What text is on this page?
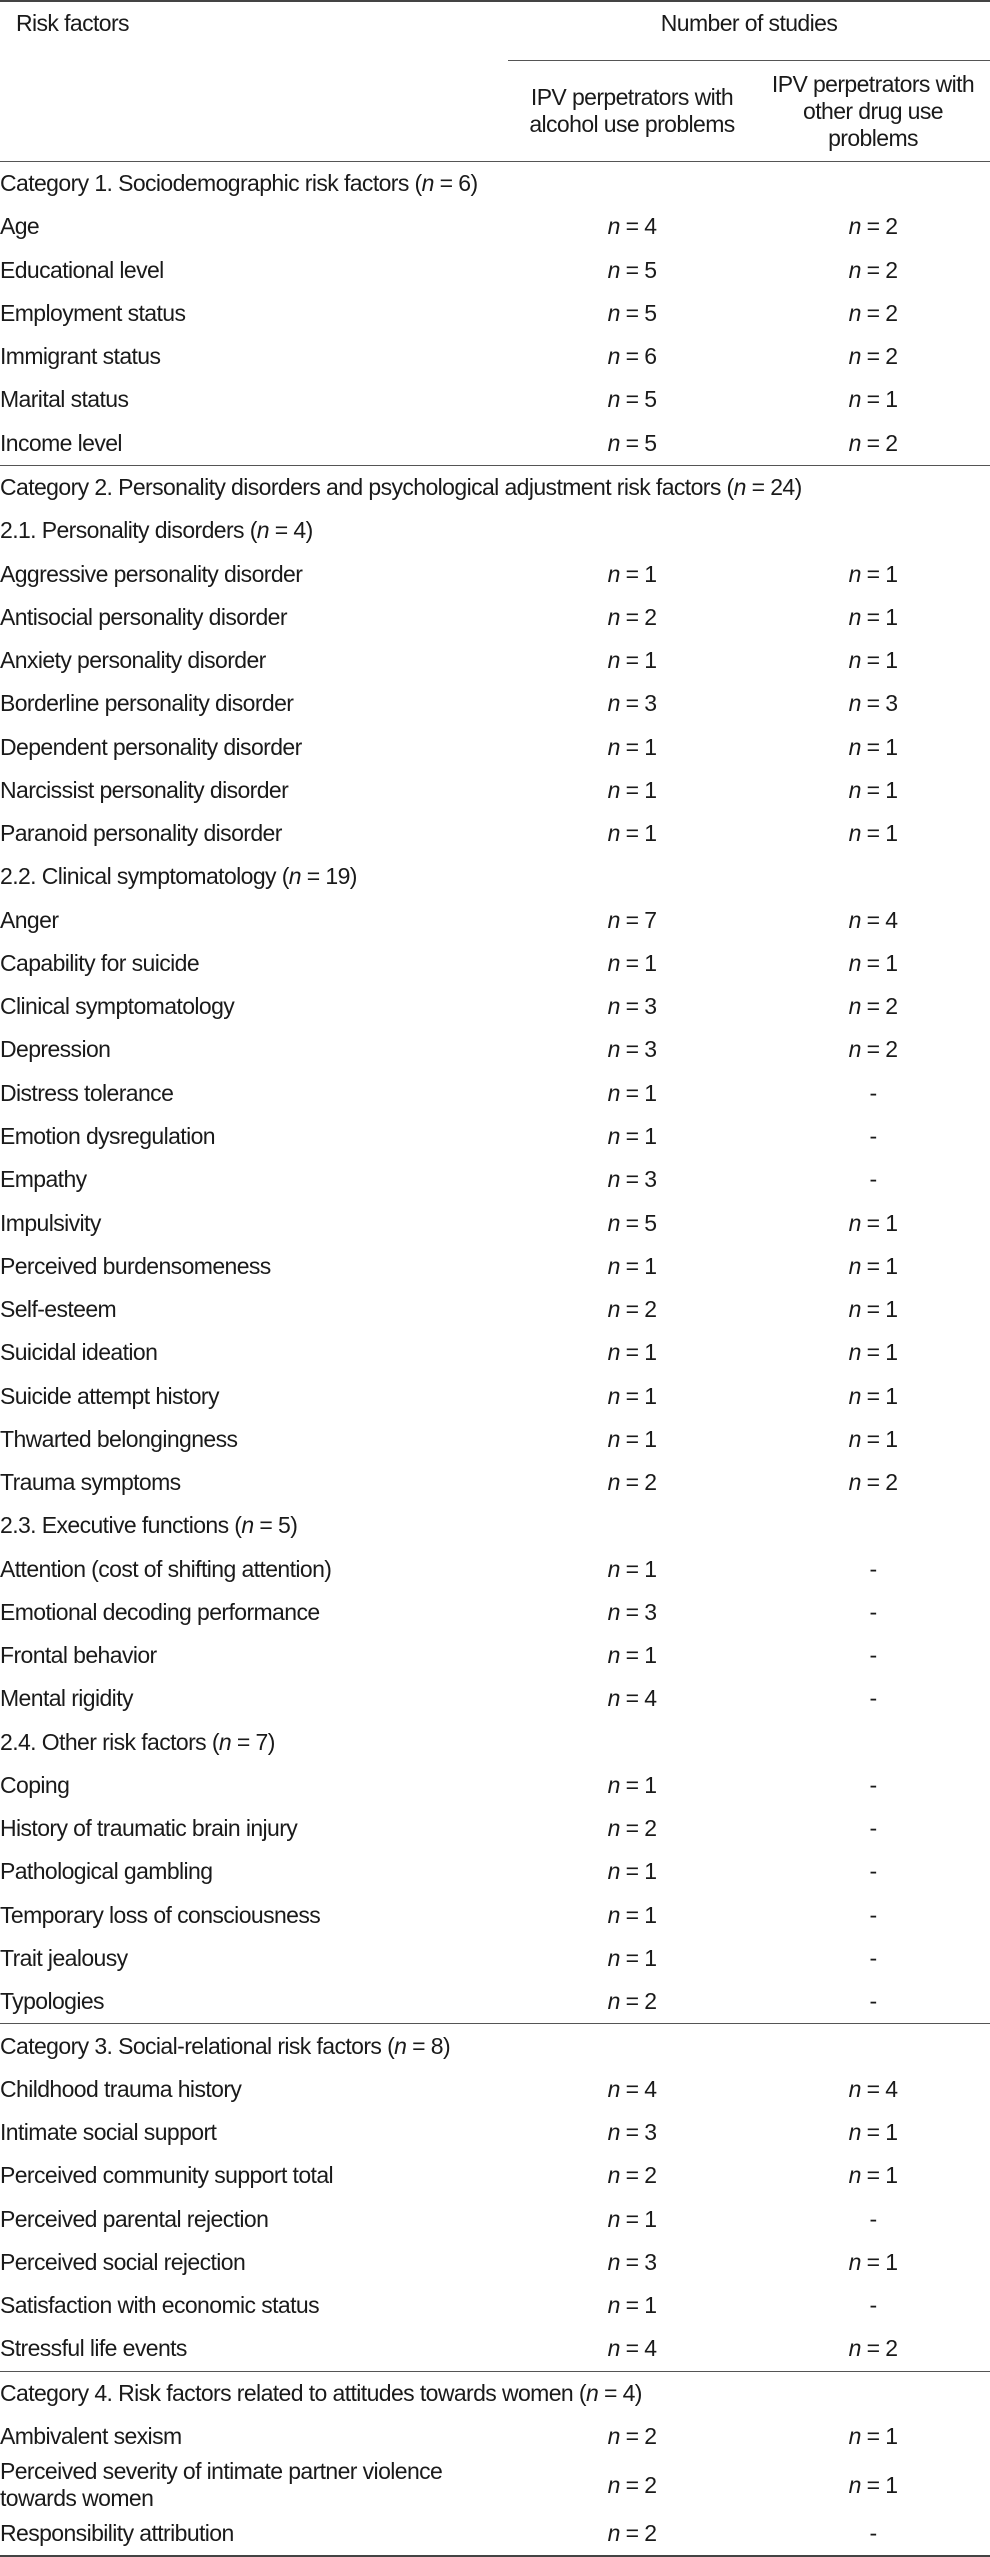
Risk factors	Number of studies	
	IPV perpetrators with alcohol use problems	IPV perpetrators with other drug use problems
Category 1. Sociodemographic risk factors (n = 6)		
Age	n = 4	n = 2
Educational level	n = 5	n = 2
Employment status	n = 5	n = 2
Immigrant status	n = 6	n = 2
Marital status	n = 5	n = 1
Income level	n = 5	n = 2
Category 2. Personality disorders and psychological adjustment risk factors (n = 24)		
2.1. Personality disorders (n = 4)		
Aggressive personality disorder	n = 1	n = 1
Antisocial personality disorder	n = 2	n = 1
Anxiety personality disorder	n = 1	n = 1
Borderline personality disorder	n = 3	n = 3
Dependent personality disorder	n = 1	n = 1
Narcissist personality disorder	n = 1	n = 1
Paranoid personality disorder	n = 1	n = 1
2.2. Clinical symptomatology (n = 19)		
Anger	n = 7	n = 4
Capability for suicide	n = 1	n = 1
Clinical symptomatology	n = 3	n = 2
Depression	n = 3	n = 2
Distress tolerance	n = 1	-
Emotion dysregulation	n = 1	-
Empathy	n = 3	-
Impulsivity	n = 5	n = 1
Perceived burdensomeness	n = 1	n = 1
Self-esteem	n = 2	n = 1
Suicidal ideation	n = 1	n = 1
Suicide attempt history	n = 1	n = 1
Thwarted belongingness	n = 1	n = 1
Trauma symptoms	n = 2	n = 2
2.3. Executive functions (n = 5)		
Attention (cost of shifting attention)	n = 1	-
Emotional decoding performance	n = 3	-
Frontal behavior	n = 1	-
Mental rigidity	n = 4	-
2.4. Other risk factors (n = 7)		
Coping	n = 1	-
History of traumatic brain injury	n = 2	-
Pathological gambling	n = 1	-
Temporary loss of consciousness	n = 1	-
Trait jealousy	n = 1	-
Typologies	n = 2	-
Category 3. Social-relational risk factors (n = 8)		
Childhood trauma history	n = 4	n = 4
Intimate social support	n = 3	n = 1
Perceived community support total	n = 2	n = 1
Perceived parental rejection	n = 1	-
Perceived social rejection	n = 3	n = 1
Satisfaction with economic status	n = 1	-
Stressful life events	n = 4	n = 2
Category 4. Risk factors related to attitudes towards women (n = 4)		
Ambivalent sexism	n = 2	n = 1
Perceived severity of intimate partner violence towards women	n = 2	n = 1
Responsibility attribution	n = 2	-
